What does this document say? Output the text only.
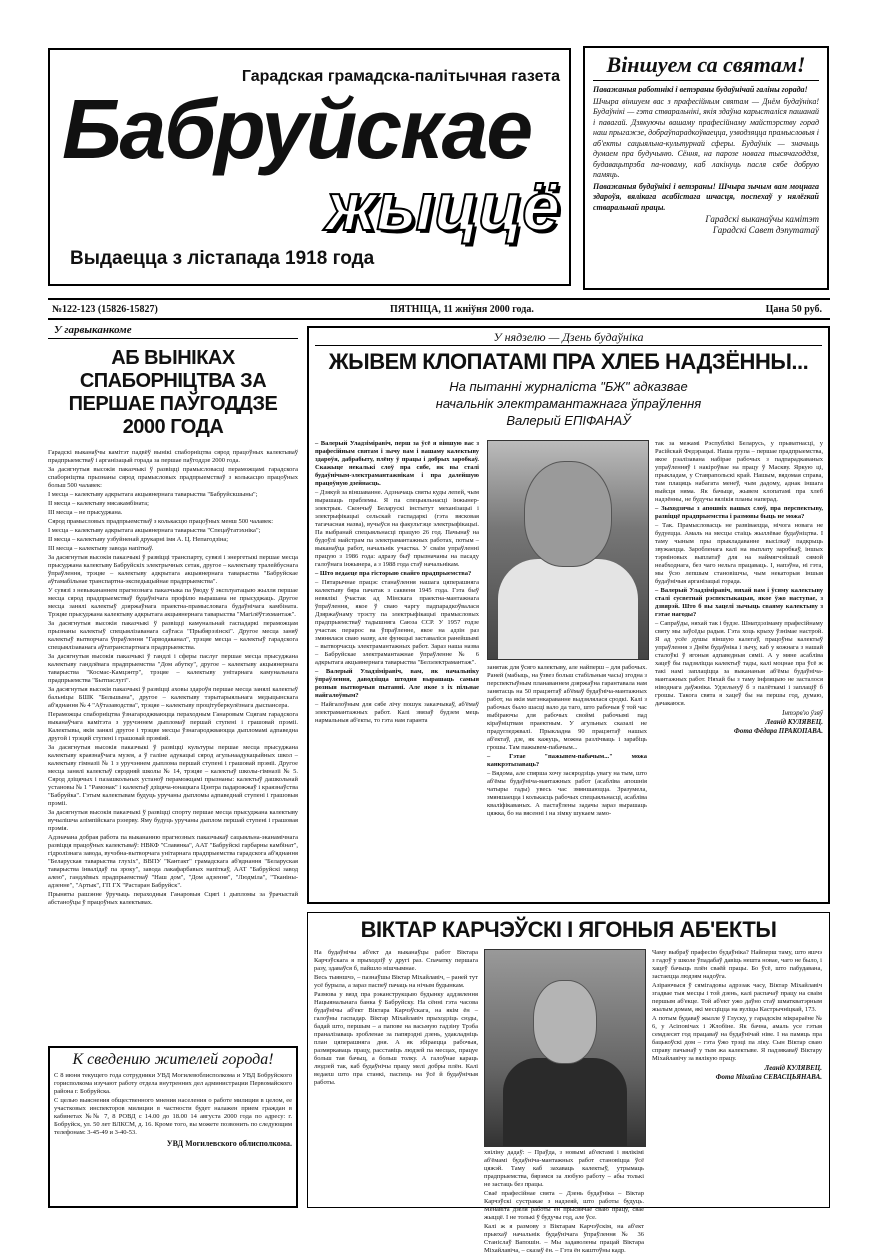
Гарадская грамадска-палітычная газета
Бабруйскае
жыццё
Выдаецца з лістапада 1918 года
Віншуем са святам!

Паважаныя работнікі і ветэраны будаўнічай галіны горада!

Шчыра віншуем вас з прафесійным святам — Днём будаўніка! Будаўнікі — гэта стваральнікі, якія здаўна карысталіся пашанай і павагай. Дзякуючы вашаму прафесійнаму майстэрству горад наш прыгажэе, добраўпарадкоўваецца, узводзяцца прамысловыя і аб'екты сацыяльна-культурнай сферы. Будаўнік — значыць думаем пра будучыню. Сёння, на парозе новага тысячагоддзя, будавацьтрэба па-новаму, каб лакінуць пасля сябе добрую памяць.

Паважаныя будаўнікі і ветэраны! Шчыра зычым вам моцнага здароўя, вялікага асабістага шчасця, поспехаў у нялёгкай стваральнай працы.

Гарадскі выканаўчы камітэт

Гарадскі Савет дэпутатаў

№122-123 (15826-15827)	ПЯТНІЦА, 11 жніўня 2000 года.	Цана 50 руб.
У гарвыканкоме
АБ ВЫНІКАХ СПАБОРНІЦТВА ЗА ПЕРШАЕ ПАЎГОДДЗЕ 2000 ГОДА

Гарадскі выканаўчы камітэт падвёў вынікі спаборніцтва сярод працоўных калектываў прадпрыемстваў і арганізацый горада за першае паўгоддзе 2000 года.

За дасягнутыя высокія паказчыкі ў развіцці прамысловасці пераможцамі гарадскога спаборніцтва прызнаны сярод прамысловых прадпрыемстваў з колькасцю працоўных больш 500 чалавек:

I месца – калектыву адкрытага акцыянернага таварыства "Бабруйскшыны";

II месца – калектыву мясакамбіната;

III месца – не прысуджана.

Сярод прамысловых прадпрыемстваў з колькасцю працоўных менш 500 чалавек:

I месца – калектыву адкрытага акцыянернага таварыства "Спецаўтатэхніка";

II месца – калектыву узбуйненай друкарні імя А. Ц. Непагодзіна;

III месца – калектыву завода напіткаў.

За дасягнутыя высокія паказчыкі ў развіцці транспарту, сувязі і энергетыкі першае месца прысуджана калектыву Бабруйскіх электрычных сетак, другое – калектыву тралейбуснага ўпраўлення, трэцяе – калектыву адкрытага акцыянернага таварыства "Бабруйскае аўтамабільнае транспартна-экспедыцыйнае прадпрыемства".

У сувязі з невыкананнем прагнознага паказчыка па ўводу ў эксплуатацыю жылля першае месца сярод прадпрыемстваў будаўнічага профілю вырашана не прысуджаць. Другое месца занялі калектыў дзяржаўнага праектна-прамысловага будаўнічага камбіната. Трэцяе прысуджана калектыву адкрытага акцыянернага таварыства "Магілёўтэхмантаж".

За дасягнутыя высокія паказчыкі ў развіцці камунальнай гаспадаркі пераможцам прызнаны калектыў спецыялізаванага саўгаса "Прыбярэзінскі". Другое месца заняў калектыў вытворчага ўпраўлення "Гарводаканал", трэцяе месца – калектыў гарадскога спецыялізаванага аўтатранспартнага прадпрыемства.

За дасягнутыя высокія паказчыкі ў гандлі і сферы паслуг першае месца прысуджана калектыву гандлёвага прадпрыемства "Дом абутку", другое – калектыву акцыянернага таварыства "Космас-Камцэнтр", трэцяе – калектыву унітарнага камунальнага прадпрыемства "Бытпаслугі".

За дасягнутыя высокія паказчыкі ў развіцці аховы здароўя першае месца занялі калектыў бальніцы БШК "Бельшына", другое – калектыву тэрытарыяльнага медыцынскага аб'яднання № 4 "Аўтазаводства", трэцяе – калектыву процітуберкулёзнага дыспансера.

Пераможцы спаборніцтва ўзнагароджваюцца пераходным Ганаровым Сцягам гарадскога выканаўчага камітэта з уручэннем дыпломаў першай ступені і грашовай прэміі. Калектывы, якія занялі другое і трэцяе месцы ўзнагароджваюцца дыпломамі адпаведна другой і трэцяй ступені і грашовай прэміяй.

За дасягнутыя высокія паказчыкі ў развіцці культуры першае месца прысуджана калектыву краязнаўчага музея, а ў галіне адукацыі сярод агульнаадукацыйных школ – калектыву гімназіі № 1 з уручэннем дыплома першай ступені і грашовай прэміі. Другое месца занялі калектыў сярэдняй школы № 14, трэцяе – калектыў школы-гімназіі № 5. Сярод дзіцячых і пазашкольных устаноў пераможцамі прызнаны: калектыў дашкольнай установы № 1 "Рамонак" і калектыў дзіцяча-юнацкага Цэнтра падарожжаў і краязнаўства "Бабруйка". Гэтым калектывам будуць уручаны дыпломы адпаведнай ступені і грашовыя прэміі.

За дасягнутыя высокія паказчыкі ў развіцці спорту першае месца прысуджана калектыву вучылішча алімпійскага рэзерву. Яму будуць уручаны дыплом першай ступені і грашовая прэмія.

Адзначана добрая работа па выкананню прагнозных паказчыкаў сацыяльна-эканамічнага развіцця працоўных калектываў: НВКФ "Славянка", ААТ "Бабруйскі гарбарны камбінат", гідролізнага завода, вучэбна-вытворчага унітарнага прадпрыемства гарадскога аб'яднання "Беларуская таварыства глухіх", ВВПУ "Кантакт" грамадскага аб'яднання "Беларуская таварыства інвалідаў па зроку", завода лакафарбавых напіткаў, ААТ "Бабруйскі завод алею", гандлёвых прадпрыемстваў "Наш дом", "Дом адзення", "Людміла", "Тканіны-адзенне", "Артык", ГП ГХ "Растаран Бабруйск".

Прыняты рашэнне ўручыць пераходныя Ганаровыя Сцягі і дыпломы за ўрачыстай абстаноўцы ў працоўных калектывах.

К сведению жителей города!

С 8 июня текущего года сотрудники УВД Могилевоблисполкома и УВД Бобруйского горисполкома изучают работу отдела внутренних дел администрации Первомайского района г. Бобруйска.

С целью выяснения общественного мнения населения о работе милиции в целом, ее участковых инспекторов милиции в частности будет налажен прием граждан в кабинетах №№ 7, 8 РОВД с 14.00 до 18.00 14 августа 2000 года по адресу: г. Бобруйск, ул. 50 лет ВЛКСМ, д. 16. Кроме того, вы можете позвонить по следующим телефонам: 3-45-49 и 3-40-53.

УВД Могилевского облисполкома.
У нядзелю — Дзень будаўніка
ЖЫВЕМ КЛОПАТАМІ ПРА ХЛЕБ НАДЗЁННЫ...
На пытанні журналіста "БЖ" адказвае
начальнік электрамантажнага ўпраўлення
Валерый ЕПІФАНАЎ

– Валерый Уладзіміравіч, перш за ўсё я віншую вас з прафесійным святам і зычу вам і вашаму калектыву здароўя, дабрабыту, плёну ў працы і добрых заробкаў. Скажыце некалькі слоў пра сябе, як вы сталі будаўнічым-электрамантажнікам і пра далейшую працоўную дзейнасць.

– Дзякуй за віншаванне. Адзначаць святы куды лепей, чым вырашаць праблемы. Я па спецыяльнасці інжынер-электрык. Скончыў Беларускі інстытут механізацыі і электрыфікацыі сельскай гаспадаркі (гэта вясковая тагачасная назва), вучыўся на факультэце электрыфікацыі. Па выбранай спецыяльнасці працую 26 год. Пачынаў на будоўлі майстрам па электрамантажных работах, потым – выканаўца работ, начальнік участка. У сваім упраўленні працую з 1986 года: адразу быў прызначаны на пасаду галоўнага інжынера, а з 1988 года стаў начальнікам.

– Што ведаеце пра гісторыю свайго прадпрыемства?

– Пятарычнае працэс станаўлення нашага цяперашняга калектыву бяра пачатак з саквеня 1945 года. Гэта быў невялікі ўчастак ад Мінскага праектна-мантажнага ўпраўлення, якое ў сваю чаргу падпарадкоўвалася Дзяржаўнаму трэсту па электрыфікацыі прамысловых прадпрыемстваў тадышняга Саюза ССР. У 1957 годзе участак перарос ва ўпраўленне, якое на адзін раз змянялася сваю назву, але функцыі заставаліся ранейшымі – вытворчасць электрамантажных работ. Зараз наша назва – Бабруйскае электрамантажнае ўпраўленне № 6 адкрытага акцыянернага таварыства "Белэлектрамантаж".

– Валерый Уладзіміравіч, вам, як начальніку ўпраўлення, даводзіцца штодня вырашаць самыя розныя вытворчыя пытанні. Але якое з іх пільнае найгалоўным?

– Найгалоўным для сябе лічу пошук заказчыкаў, аб'ёмаў электрамантажных работ. Калі звязаў будзем мець нармальныя аб'екты, то гэта нам гаранта

занятак для ўсяго калектыву, але найперш – для рабочых. Раней (мабыць, на ўзвез больш стабільныя часы) згодна з перспектыўным планаваннем дзяржаўна гарантавала нам занятасць на 50 працэнтаў аб'ёмаў будаўніча-мантажных работ, на якія матэнкараванне выдзялялася сродкі. Калі з рабочых было шасці вало да таго, што рабочыя ў той час выбіраючы для рабочых своймі рабочымі пад кіраўніцтвам праектным. У агульных сказалі не прадугледжвалі. Прыкладна 90 працэнтаў нашых аб'ектаў, дзе, як кажуць, можна разлічваць і зарабіць грошы. Там пажывем-пабачым...

– Гэтае "пажывем-пабачым..." можа канкрэтызаваць?

– Вядома, але спярша хочу засяродзіць увагу на тым, што аб'ёмы будаўніча-мантажных работ (асабліва апошнія чатыры гады) увесь час змяншаюцца. Зразумела, змяншаецца і колькасць рабочых спецыяльнасці, асабліва кваліфікаваных. А пастаўлены задачы зараз вырашаць цяжка, бо на вясенні і на зімку шукаем замо-

так за межамі Рэспублікі Беларусь, у прыватнасці, у Расійскай Федэрацыі. Наша група – першае прадпрыемства, якое рэалізавана набірае рабочых з падпарадкаваных упраўленняў і накіроўвае на працу ў Маскву. Яркую ці, прыкладам, у Ставрапольскі край. Нашым, вядомая справа, там плацяць набагата менеў, чым дадому, аднак іншага выйсця няма. Як бачыце, жывем клопатамі пра хлеб надзённы, не будучы вялікія планы наперад.

– Зыходзячы з апошніх вашых слоў, пра перспектыву, развіццё прадпрыемства і размовы быць не можа?

– Так. Прамысловасць не развіваецца, нічога новага не будуецца. Амаль на месцы стаіць жыллёвае будаўніцтва. І таму чыным пры прыкладаванне высілкаў падкрыць звужаецца. Заробленага калі на выплату заробкаў, іншых тэрміновых выплатаў для на наймягчэйшай сямой неабходнага, без чаго нельга працаваць. І, напэўна, ні гэта, мы ўсю лепшым становішчы, чым некаторыя іншыя будаўнічыя арганізацыі горада.

– Валерый Уладзіміравіч, няхай вам і ўсяму калектыву сталі сусветнай рэспектыкацыя, якое ўжо наступае, з дзвярэй. Што б вы хацелі зычыць сваяму калектыву з гэтае нагоды?

– Сапраўды, няхай так і будзе. Шматдэзімаму прафесійнаму святу мы заўсёды радыя. Гэта хоць крыху ўзнімае настрой. Я ад усёе душы віншую калегаў, працоўны калектыў упраўлення з Днём будаўніка і зычу, каб у кожнага з нашай сталоўкі ў ягоныя адпаведныя сяміі. А у мяне асабліва хацеў бы падзяліцца калектыў тады, калі моцнае пра ўсё ж такі намі заплаціцца за выкананыя аб'ёмы будаўніча-мантажных работ. Няхай бы з таму інфляцыю не засталося ніводнага даўжніка. Удзельнуў б з палёткамі і заплаціў б грошы. Такога свята я хацеў бы на першы год, думаю, дачакаюся.

Інтэрв'ю ўзяў

Леанід КУЛЯВЕЦ.

Фота Фёдара ПРАКОПАВА.

ВІКТАР КАРЧЭЎСКІ І ЯГОНЫЯ АБ'ЕКТЫ

На будаўнічы аб'ект да выканаўцы работ Віктара Карчэўскага я прыходзіў у другі раз. Спачатку першага разу, здаваўся б, пайшло нішчымнае.

Весь тыяншчэ, – пазнаўшы Віктар Міхайлавіч, – раней тут усё бурыла, а зараз паспеў пачаць на нічым будынкам.

Размова у вязд пра рэканструкцыю будынку аддзялення Нацыянальнага банка ў Бабруйску. На сённі гэта часова будаўнічы аб'ект Віктара Карчэўскага, на якім ён – галоўны гаспадар. Віктар Міхайлавіч прыходзіць сюды, бадай што, першым – а папове на васьмую гадзіну Трэба праналізаваць зробленае за папярэдні дзень, удакладніць план цяперашняга дня. А як збіраецца рабочыя, размяркаваць працу, расставіць людзей па месцах, працуе больш тая бачыц, а больш толку. А галоўнае караць людзей так, каб будаўнічы працу мелі добры плён. Калі ведаеш што пра станкі, паспець на ўсё й будаўнічыя работы.

хвіліну дадаў: – Праўда, з новымі аб'ектамі і вялікімі аб'ёмамі будаўніча-мантажных работ становіцца ўсё цяжэй. Таму каб захаваць калектыў, утрымаць прадпрыемства, бярэмся за любую работу – абы толькі не застаць без працы.

Сваё прафесійнае свята – Дзень будаўніка – Віктар Карчэўскі сустракае з надзеяй, што работы будуць. Менавіта дзеля работы ён прысвячае сваю працу, сваё жыццё. І не толькі ў будучы год, але ўсе.

Калі ж я размову з Віктарам Карчэўскім, на аб'ект прыехаў начальнік будаўнічага ўпраўлення № 36 Станіслаў Вапошін. – Мы задаволены працай Віктара Міхайлавіча, – сказаў ён. – Гэта ён каштоўны кадр.

Чаму выбраў прафесію будаўніка? Найперш таму, што яшчэ з гадоў у школе ўпадабаў давіць нешта новае, чаго не было, і хацеў бачыць плён сваёй працы. Бо ўсё, што пабудавана, застаецца людзям надоўга.

Азіраючыся ў сямігадовы адрэзак часу, Віктар Міхайлавіч згадвае тыя месцы і той дзень, калі распачаў працу на сваім першым аб'екце. Той аб'ект ужо даўно стаў шматкватэрным жылым домам, які месціцца на вуліцы Кастрычніцкай, 173.

А потым будаваў жылле ў Глуску, у гарадскім мікрараёне № 6, у Асіповічах і Жлобіне. Як бачна, амаль усе гэтыя семдзесят год працаваў на будаўнічай ніве. І на памяць пра бацькоўскі дом – гэта ўжо трэці па ліку. Сын Віктар сваю справу пачынаў у тым жа калектыве. Я падзякаваў Віктару Міхайлавічу за вялікую працу.

Леанід КУЛЯВЕЦ.

Фота Міхайла СЕВАСЦЬЯНАВА.
